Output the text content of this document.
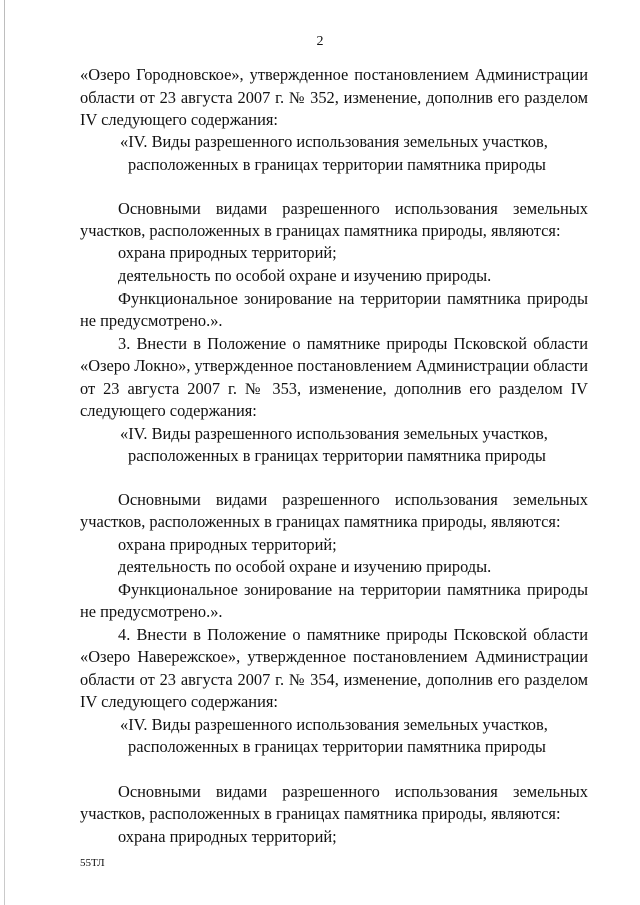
2
«Озеро Городновское», утвержденное постановлением Администрации
области от 23 августа 2007 г. № 352, изменение, дополнив его разделом
IV следующего содержания:
«IV. Виды разрешенного использования земельных участков,
расположенных в границах территории памятника природы
Основными видами разрешенного использования земельных
участков, расположенных в границах памятника природы, являются:
охрана природных территорий;
деятельность по особой охране и изучению природы.
Функциональное зонирование на территории памятника природы
не предусмотрено.».
3. Внести в Положение о памятнике природы Псковской области
«Озеро Локно», утвержденное постановлением Администрации области
от 23 августа 2007 г. № 353, изменение, дополнив его разделом IV
следующего содержания:
«IV. Виды разрешенного использования земельных участков,
расположенных в границах территории памятника природы
Основными видами разрешенного использования земельных
участков, расположенных в границах памятника природы, являются:
охрана природных территорий;
деятельность по особой охране и изучению природы.
Функциональное зонирование на территории памятника природы
не предусмотрено.».
4. Внести в Положение о памятнике природы Псковской области
«Озеро Навережское», утвержденное постановлением Администрации
области от 23 августа 2007 г. № 354, изменение, дополнив его разделом
IV следующего содержания:
«IV. Виды разрешенного использования земельных участков,
расположенных в границах территории памятника природы
Основными видами разрешенного использования земельных
участков, расположенных в границах памятника природы, являются:
охрана природных территорий;
55ТЛ
